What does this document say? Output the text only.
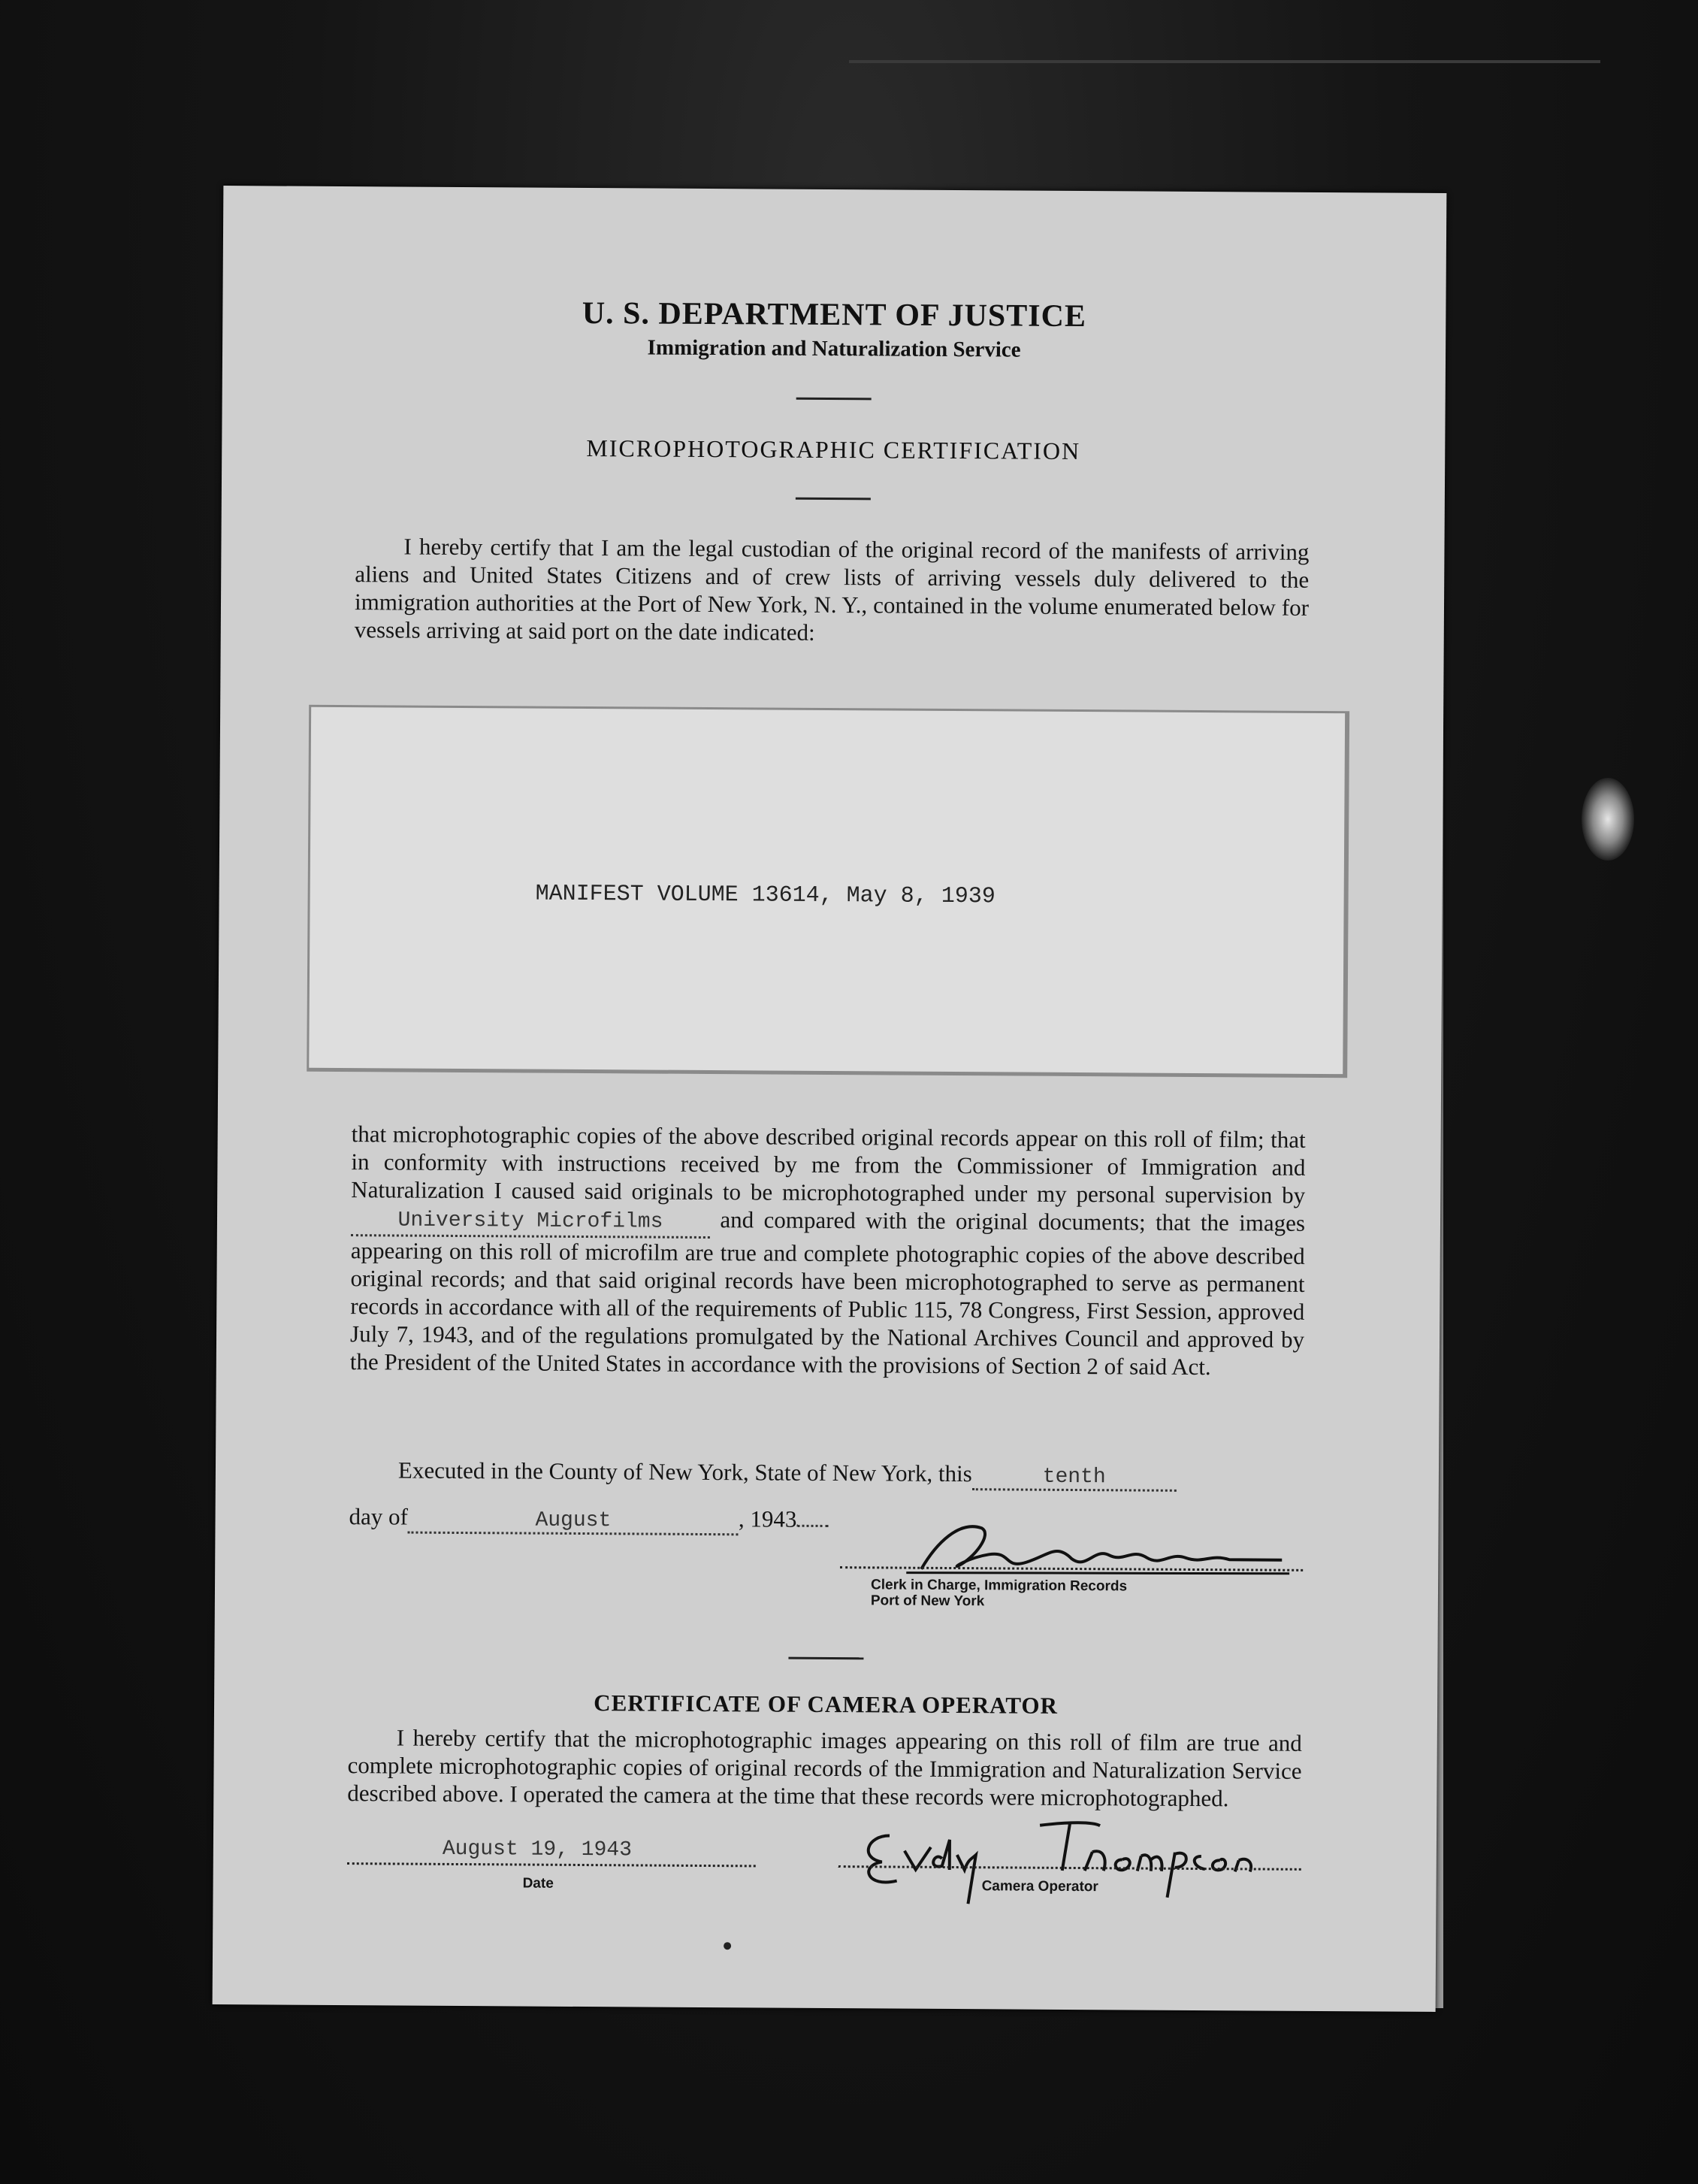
U. S. DEPARTMENT OF JUSTICE
Immigration and Naturalization Service
MICROPHOTOGRAPHIC CERTIFICATION
I hereby certify that I am the legal custodian of the original record of the manifests of arriving aliens and United States Citizens and of crew lists of arriving vessels duly delivered to the immigration authorities at the Port of New York, N. Y., contained in the volume enumerated below for vessels arriving at said port on the date indicated:
MANIFEST VOLUME 13614, May 8, 1939
that microphotographic copies of the above described original records appear on this roll of film; that in conformity with instructions received by me from the Commissioner of Immigration and Naturalization I caused said originals to be microphotographed under my personal supervision byUniversity Microfilms and compared with the original documents; that the images appearing on this roll of microfilm are true and complete photographic copies of the above described original records; and that said original records have been microphotographed to serve as permanent records in accordance with all of the requirements of Public 115, 78 Congress, First Session, approved July 7, 1943, and of the regulations promulgated by the National Archives Council and approved by the President of the United States in accordance with the provisions of Section 2 of said Act.
Executed in the County of New York, State of New York, this	tenth
day of	August	, 1943
Clerk in Charge, Immigration Records
Port of New York
CERTIFICATE OF CAMERA OPERATOR
I hereby certify that the microphotographic images appearing on this roll of film are true and complete microphotographic copies of original records of the Immigration and Naturalization Service described above. I operated the camera at the time that these records were microphotographed.
August 19, 1943
Date	Camera Operator
